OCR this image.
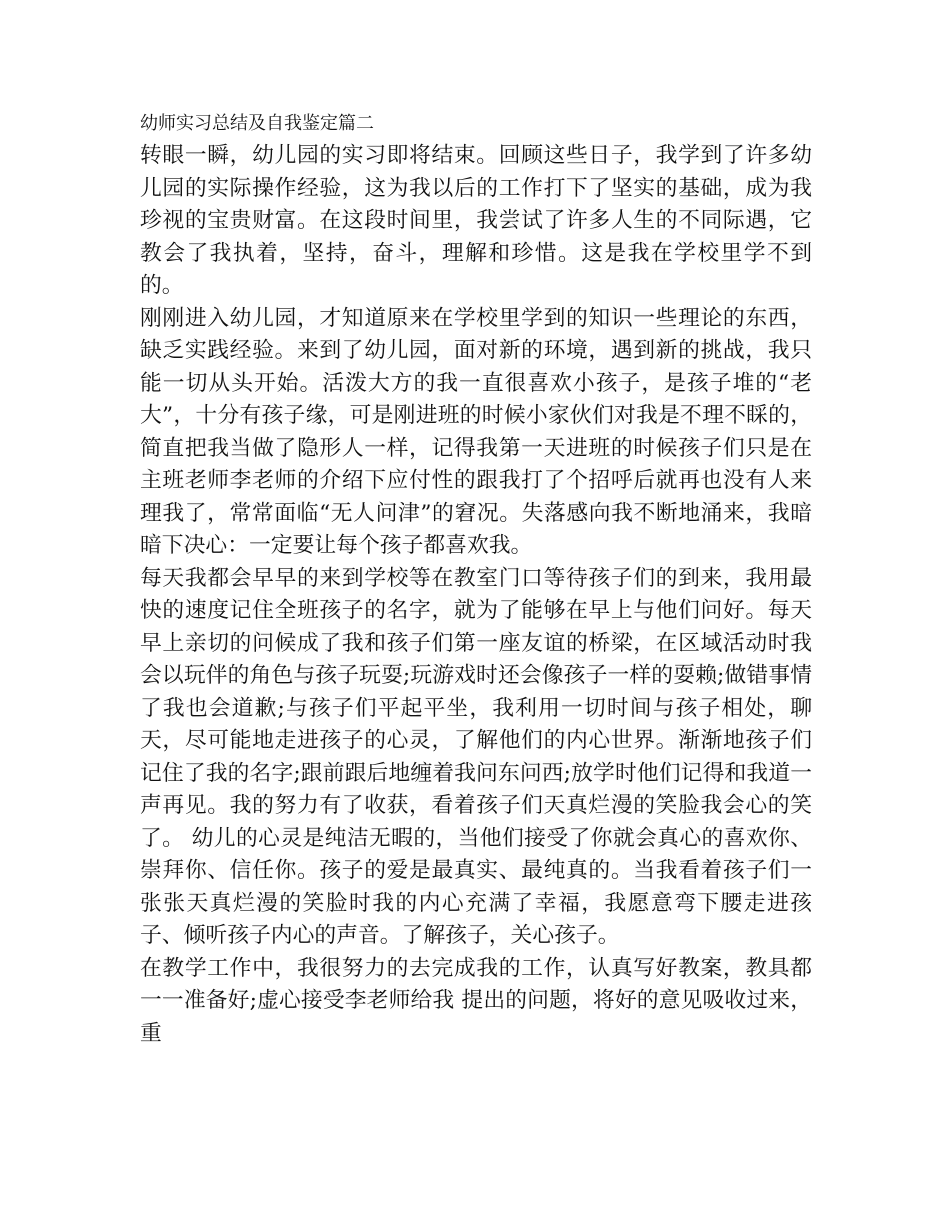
幼师实习总结及自我鉴定篇二

转眼一瞬，幼儿园的实习即将结束。回顾这些日子，我学到了许多幼儿园的实际操作经验，这为我以后的工作打下了坚实的基础，成为我珍视的宝贵财富。在这段时间里，我尝试了许多人生的不同际遇，它教会了我执着，坚持，奋斗，理解和珍惜。这是我在学校里学不到的。

刚刚进入幼儿园，才知道原来在学校里学到的知识一些理论的东西，缺乏实践经验。来到了幼儿园，面对新的环境，遇到新的挑战，我只能一切从头开始。活泼大方的我一直很喜欢小孩子，是孩子堆的“老大”，十分有孩子缘，可是刚进班的时候小家伙们对我是不理不睬的，简直把我当做了隐形人一样，记得我第一天进班的时候孩子们只是在主班老师李老师的介绍下应付性的跟我打了个招呼后就再也没有人来理我了，常常面临“无人问津”的窘况。失落感向我不断地涌来，我暗暗下决心：一定要让每个孩子都喜欢我。

每天我都会早早的来到学校等在教室门口等待孩子们的到来，我用最快的速度记住全班孩子的名字，就为了能够在早上与他们问好。每天早上亲切的问候成了我和孩子们第一座友谊的桥梁，在区域活动时我会以玩伴的角色与孩子玩耍;玩游戏时还会像孩子一样的耍赖;做错事情了我也会道歉;与孩子们平起平坐，我利用一切时间与孩子相处，聊天，尽可能地走进孩子的心灵，了解他们的内心世界。渐渐地孩子们记住了我的名字;跟前跟后地缠着我问东问西;放学时他们记得和我道一声再见。我的努力有了收获，看着孩子们天真烂漫的笑脸我会心的笑了。 幼儿的心灵是纯洁无暇的，当他们接受了你就会真心的喜欢你、崇拜你、信任你。孩子的爱是最真实、最纯真的。当我看着孩子们一张张天真烂漫的笑脸时我的内心充满了幸福，我愿意弯下腰走进孩子、倾听孩子内心的声音。了解孩子，关心孩子。

在教学工作中，我很努力的去完成我的工作，认真写好教案，教具都一一准备好;虚心接受李老师给我 提出的问题，将好的意见吸收过来，重
